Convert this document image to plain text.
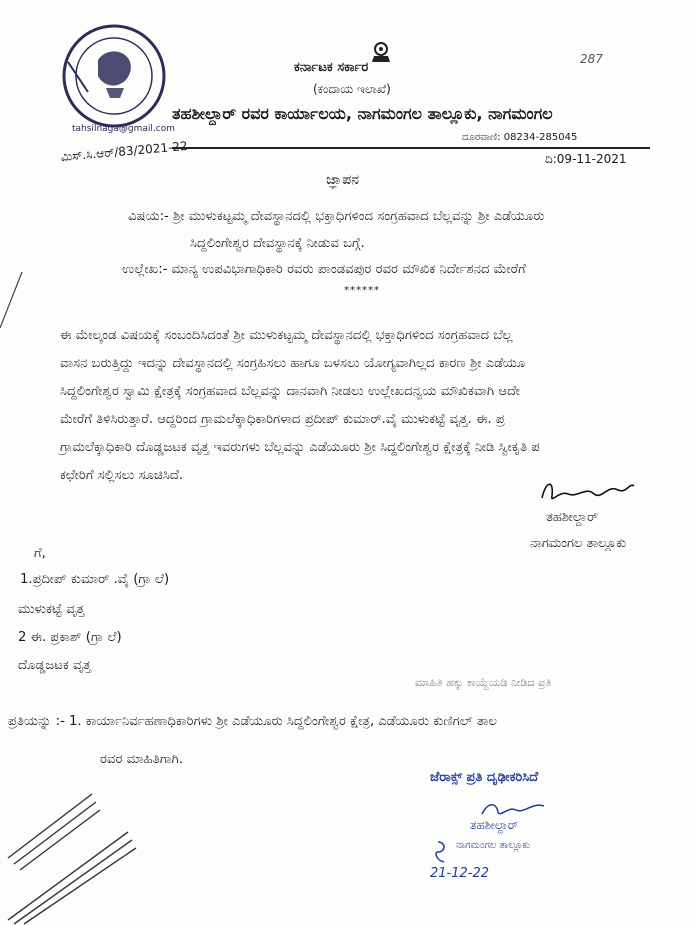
tahsilnaga@gmail.com
ಕರ್ನಾಟಕ ಸರ್ಕಾರ
(ಕಂದಾಯ ಇಲಾಖೆ)
ತಹಶೀಲ್ದಾರ್ ರವರ ಕಾರ್ಯಾಲಯ, ನಾಗಮಂಗಲ ತಾಲ್ಲೂಕು, ನಾಗಮಂಗಲ
ದೂರವಾಣಿ: 08234-285045
287
ಮಿಸ್.ಸಿ.ಆರ್/83/2021-22	ದಿ:09-11-2021
ಜ್ಞಾಪನ
ವಿಷಯ:- ಶ್ರೀ ಮುಳುಕಟ್ಟಮ್ಮ ದೇವಸ್ಥಾನದಲ್ಲಿ ಭಕ್ತಾಧಿಗಳಿಂದ ಸಂಗ್ರಹವಾದ ಬೆಲ್ಲವನ್ನು ಶ್ರೀ ಎಡೆಯೂರು
ಸಿದ್ದಲಿಂಗೇಶ್ವರ ದೇವಸ್ಥಾನಕ್ಕೆ ನೀಡುವ ಬಗ್ಗೆ.
ಉಲ್ಲೇಖ:- ಮಾನ್ಯ ಉಪವಿಭಾಗಾಧಿಕಾರಿ ರವರು ಪಾಂಡವಪುರ ರವರ ಮೌಖಿಕ ನಿರ್ದೇಶನದ ಮೇರೆಗೆ
******
ಈ ಮೇಲ್ಕಂಡ ವಿಷಯಕ್ಕೆ ಸಂಬಂದಿಸಿದಂತೆ ಶ್ರೀ ಮುಳುಕಟ್ಟಮ್ಮ ದೇವಸ್ಥಾನದಲ್ಲಿ ಭಕ್ತಾಧಿಗಳಿಂದ ಸಂಗ್ರಹವಾದ ಬೆಲ್ಲ
ವಾಸನ ಬರುತ್ತಿದ್ದು ಇದನ್ನು ದೇವಸ್ಥಾನದಲ್ಲಿ ಸಂಗ್ರಹಿಸಲು ಹಾಗೂ ಬಳಸಲು ಯೋಗ್ಯವಾಗಿಲ್ಲದ ಕಾರಣ ಶ್ರೀ ಎಡೆಯೂ
ಸಿದ್ದಲಿಂಗೇಶ್ವರ ಸ್ವಾಮಿ ಕ್ಷೇತ್ರಕ್ಕೆ ಸಂಗ್ರಹವಾದ ಬೆಲ್ಲವನ್ನು ದಾನವಾಗಿ ನೀಡಲು ಉಲ್ಲೇಖದನ್ವಯ ಮೌಖಿಕವಾಗಿ ಆದೇ
ಮೇರೆಗೆ ತಿಳಿಸಿರುತ್ತಾರೆ. ಆದ್ದರಿಂದ ಗ್ರಾಮಲೆಕ್ಕಾಧಿಕಾರಿಗಳಾದ ಪ್ರದೀಪ್ ಕುಮಾರ್.ವೈ ಮುಳುಕಟ್ಟೆ ವೃತ್ತ. ಈ. ಪ್ರ
ಗ್ರಾಮಲೆಕ್ಕಾಧಿಕಾರಿ ದೊಡ್ಡಜಟಕ ವೃತ್ತ ಇವರುಗಳು ಬೆಲ್ಲವನ್ನು ಎಡೆಯೂರು ಶ್ರೀ ಸಿದ್ದಲಿಂಗೇಶ್ವರ ಕ್ಷೇತ್ರಕ್ಕೆ ನೀಡಿ ಸ್ವೀಕೃತಿ ಪ
ಕಛೇರಿಗೆ ಸಲ್ಲಿಸಲು ಸೂಚಿಸಿದೆ.
ತಹಶೀಲ್ದಾರ್
ನಾಗಮಂಗಲ ತಾಲ್ಲೂಕು
ಗೆ,
1.ಪ್ರದೀಪ್ ಕುಮಾರ್ .ವೈ (ಗ್ರಾ ಲೆ)
ಮುಳುಕಟ್ಟೆ ವೃತ್ತ
2 ಈ. ಪ್ರಕಾಶ್ (ಗ್ರಾ ಲೆ)
ದೊಡ್ಡಜಟಕ ವೃತ್ತ
ಮಾಹಿತಿ ಹಕ್ಕು ಕಾಯ್ದೆಯಡಿ ನೀಡಿದ ಪ್ರತಿ
ಪ್ರತಿಯನ್ನು :- 1. ಕಾರ್ಯಾನಿರ್ವಹಣಾಧಿಕಾರಿಗಳು ಶ್ರೀ ಎಡೆಯೂರು ಸಿದ್ದಲಿಂಗೇಶ್ವರ ಕ್ಷೇತ್ರ, ಎಡೆಯೂರು ಕುಣಿಗಲ್ ತಾಲ
ರವರ ಮಾಹಿತಿಗಾಗಿ.
ಜೆರಾಕ್ಸ್ ಪ್ರತಿ ದೃಢೀಕರಿಸಿದೆ
ತಹಶೀಲ್ದಾರ್
ನಾಗಮಂಗಲ ತಾಲ್ಲೂಕು
21-12-22
